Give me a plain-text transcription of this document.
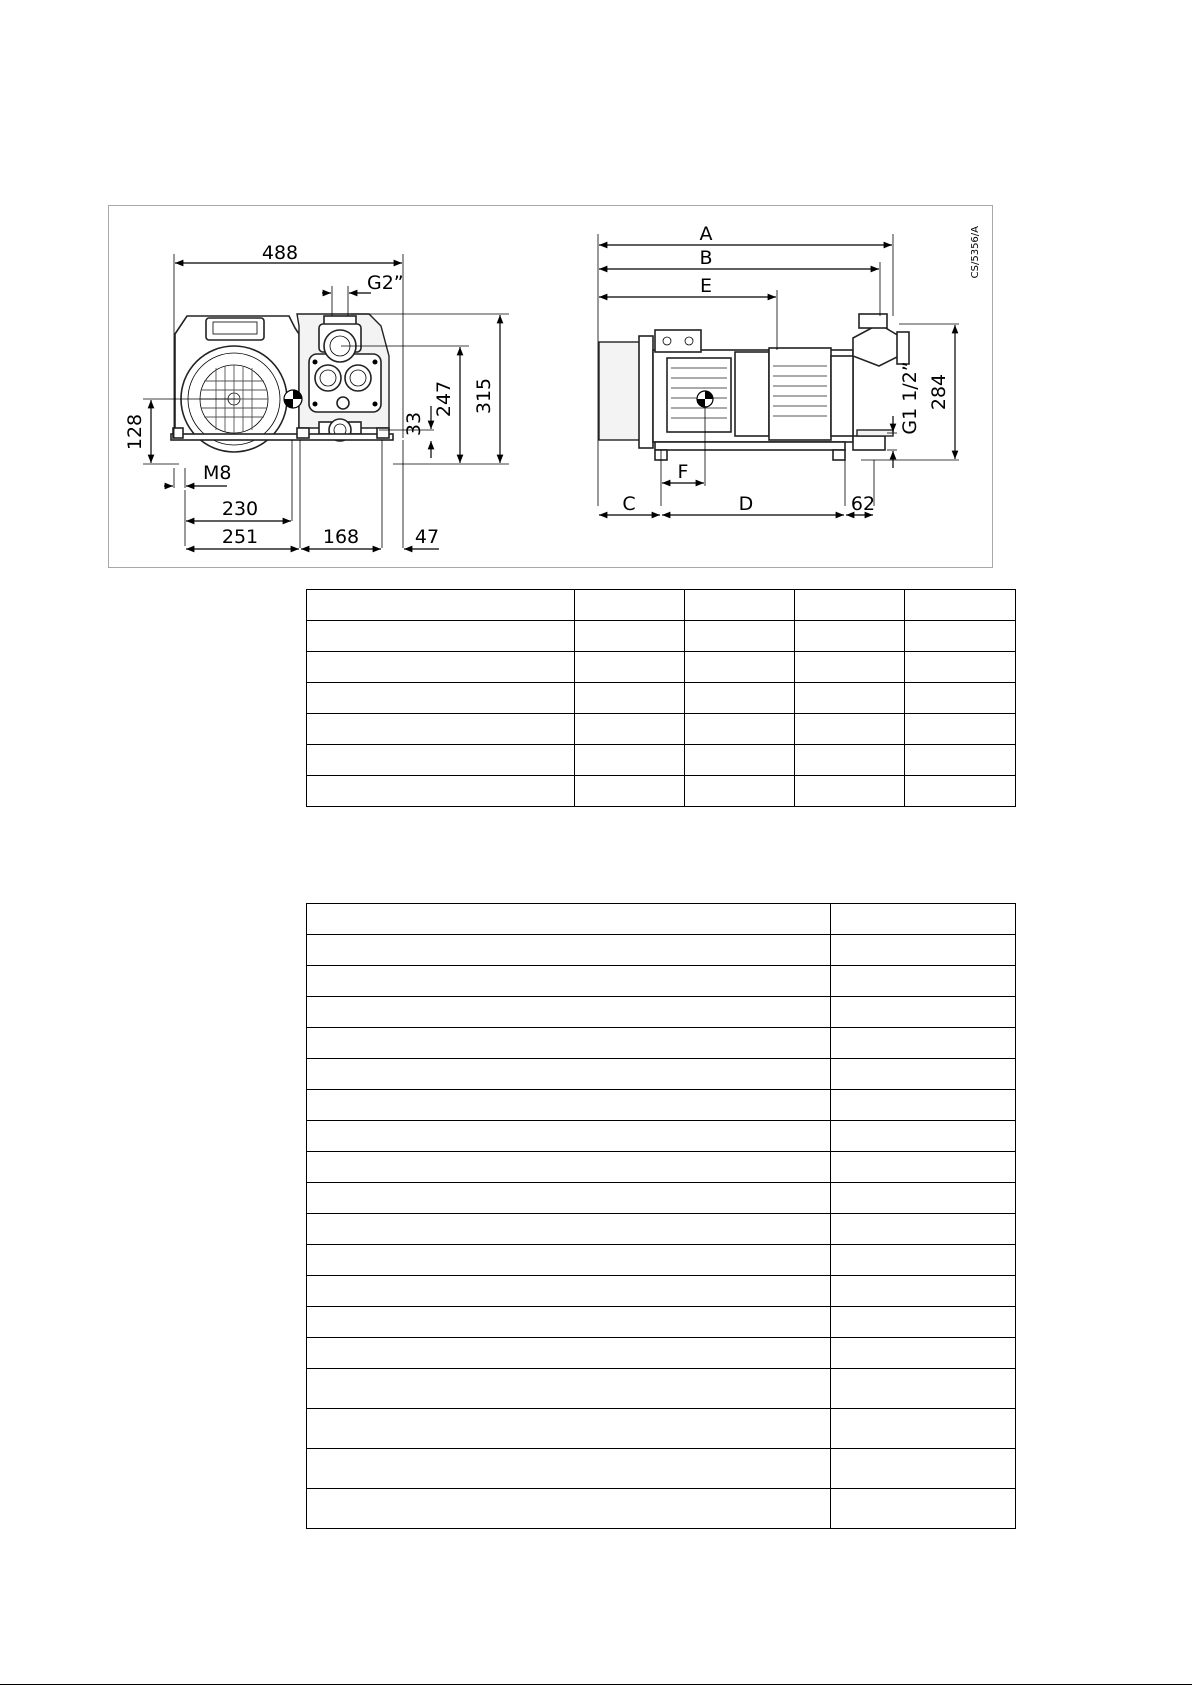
488
G2”
128
M8
230
251	168	47
33
247 315
A
B
E
CS/5356/A
284
G1 1/2”
F
C	D	62
